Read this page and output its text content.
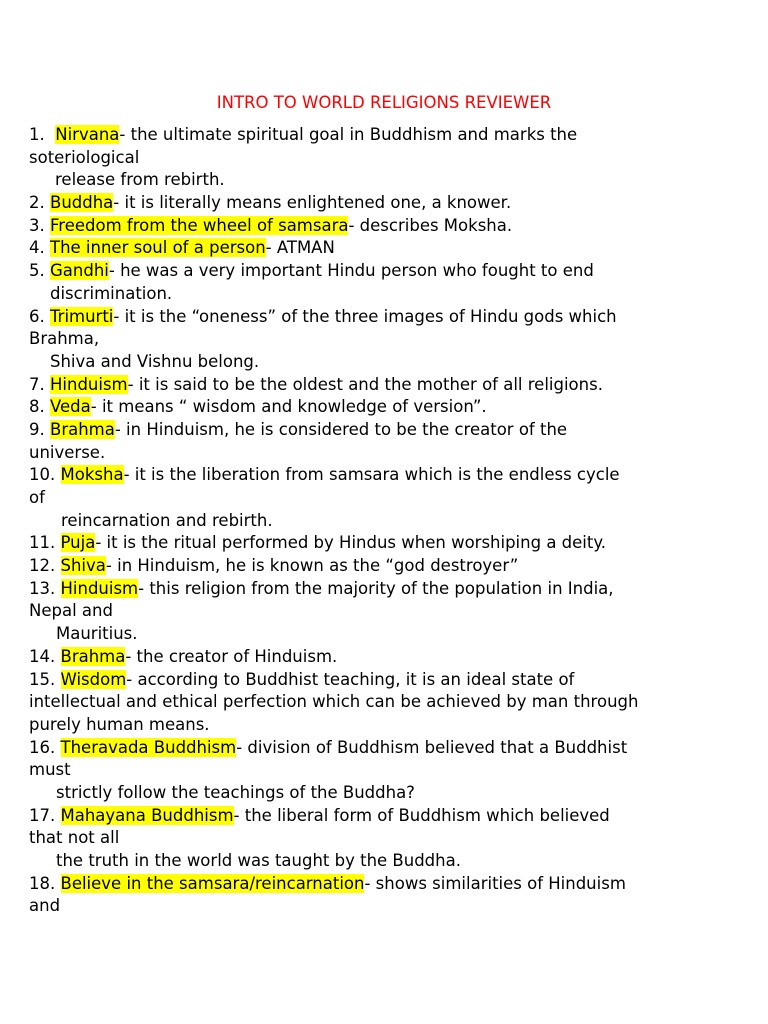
INTRO TO WORLD RELIGIONS REVIEWER
1. Nirvana- the ultimate spiritual goal in Buddhism and marks the
soteriological
release from rebirth.
2. Buddha- it is literally means enlightened one, a knower.
3. Freedom from the wheel of samsara- describes Moksha.
4. The inner soul of a person- ATMAN
5. Gandhi- he was a very important Hindu person who fought to end
discrimination.
6. Trimurti- it is the “oneness” of the three images of Hindu gods which
Brahma,
Shiva and Vishnu belong.
7. Hinduism- it is said to be the oldest and the mother of all religions.
8. Veda- it means “ wisdom and knowledge of version”.
9. Brahma- in Hinduism, he is considered to be the creator of the
universe.
10. Moksha- it is the liberation from samsara which is the endless cycle
of
reincarnation and rebirth.
11. Puja- it is the ritual performed by Hindus when worshiping a deity.
12. Shiva- in Hinduism, he is known as the “god destroyer”
13. Hinduism- this religion from the majority of the population in India,
Nepal and
Mauritius.
14. Brahma- the creator of Hinduism.
15. Wisdom- according to Buddhist teaching, it is an ideal state of
intellectual and ethical perfection which can be achieved by man through
purely human means.
16. Theravada Buddhism- division of Buddhism believed that a Buddhist
must
strictly follow the teachings of the Buddha?
17. Mahayana Buddhism- the liberal form of Buddhism which believed
that not all
the truth in the world was taught by the Buddha.
18. Believe in the samsara/reincarnation- shows similarities of Hinduism
and
